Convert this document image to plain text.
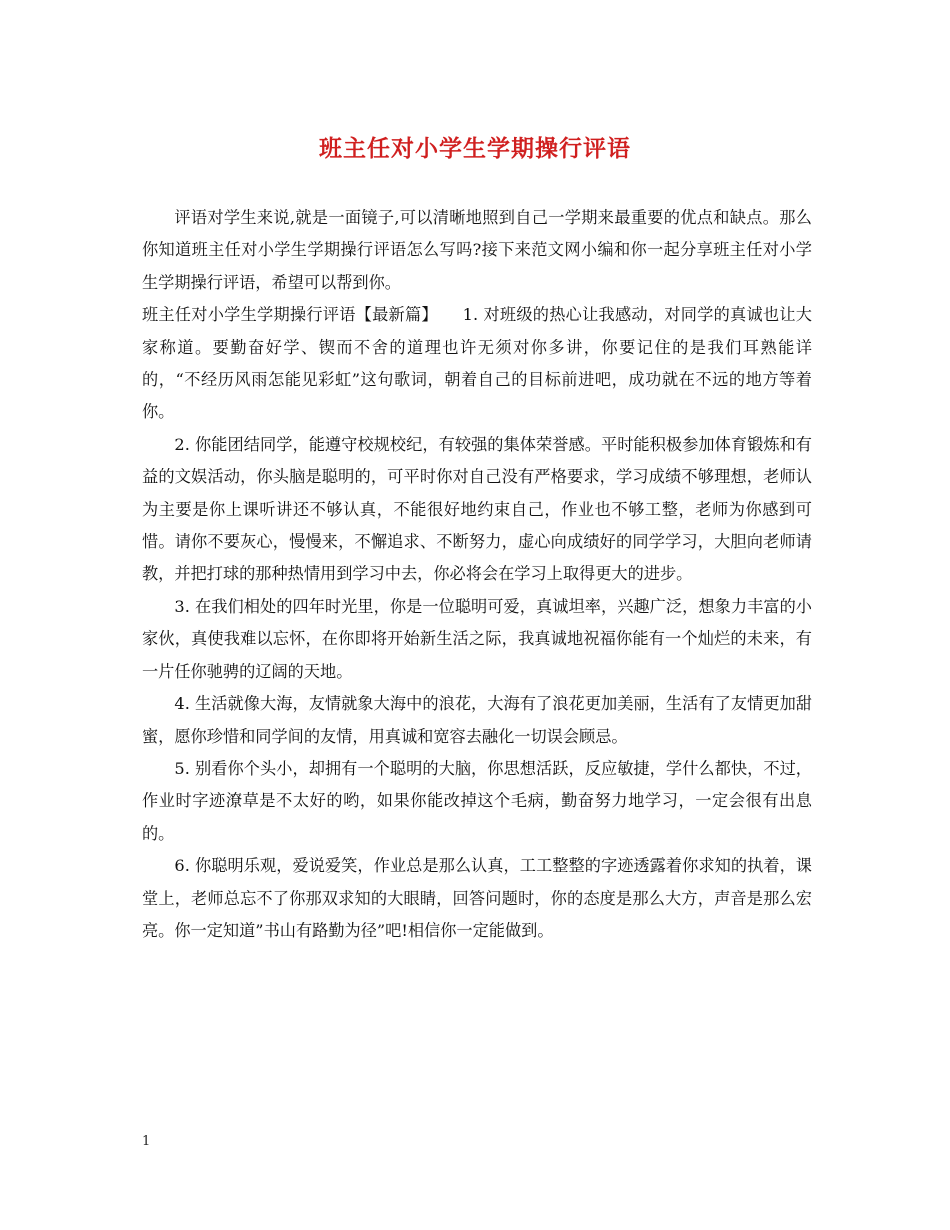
班主任对小学生学期操行评语

评语对学生来说,就是一面镜子,可以清晰地照到自己一学期来最重要的优点和缺点。那么你知道班主任对小学生学期操行评语怎么写吗?接下来范文网小编和你一起分享班主任对小学生学期操行评语，希望可以帮到你。

班主任对小学生学期操行评语【最新篇】　　1. 对班级的热心让我感动，对同学的真诚也让大家称道。要勤奋好学、锲而不舍的道理也许无须对你多讲，你要记住的是我们耳熟能详的，“不经历风雨怎能见彩虹”这句歌词，朝着自己的目标前进吧，成功就在不远的地方等着你。

2. 你能团结同学，能遵守校规校纪，有较强的集体荣誉感。平时能积极参加体育锻炼和有益的文娱活动，你头脑是聪明的，可平时你对自己没有严格要求，学习成绩不够理想，老师认为主要是你上课听讲还不够认真，不能很好地约束自己，作业也不够工整，老师为你感到可惜。请你不要灰心，慢慢来，不懈追求、不断努力，虚心向成绩好的同学学习，大胆向老师请教，并把打球的那种热情用到学习中去，你必将会在学习上取得更大的进步。

3. 在我们相处的四年时光里，你是一位聪明可爱，真诚坦率，兴趣广泛，想象力丰富的小家伙，真使我难以忘怀，在你即将开始新生活之际，我真诚地祝福你能有一个灿烂的未来，有一片任你驰骋的辽阔的天地。

4. 生活就像大海，友情就象大海中的浪花，大海有了浪花更加美丽，生活有了友情更加甜蜜，愿你珍惜和同学间的友情，用真诚和宽容去融化一切误会顾忌。

5. 别看你个头小，却拥有一个聪明的大脑，你思想活跃，反应敏捷，学什么都快，不过，作业时字迹潦草是不太好的哟，如果你能改掉这个毛病，勤奋努力地学习，一定会很有出息的。

6. 你聪明乐观，爱说爱笑，作业总是那么认真，工工整整的字迹透露着你求知的执着，课堂上，老师总忘不了你那双求知的大眼睛，回答问题时，你的态度是那么大方，声音是那么宏亮。你一定知道”书山有路勤为径”吧!相信你一定能做到。

1
